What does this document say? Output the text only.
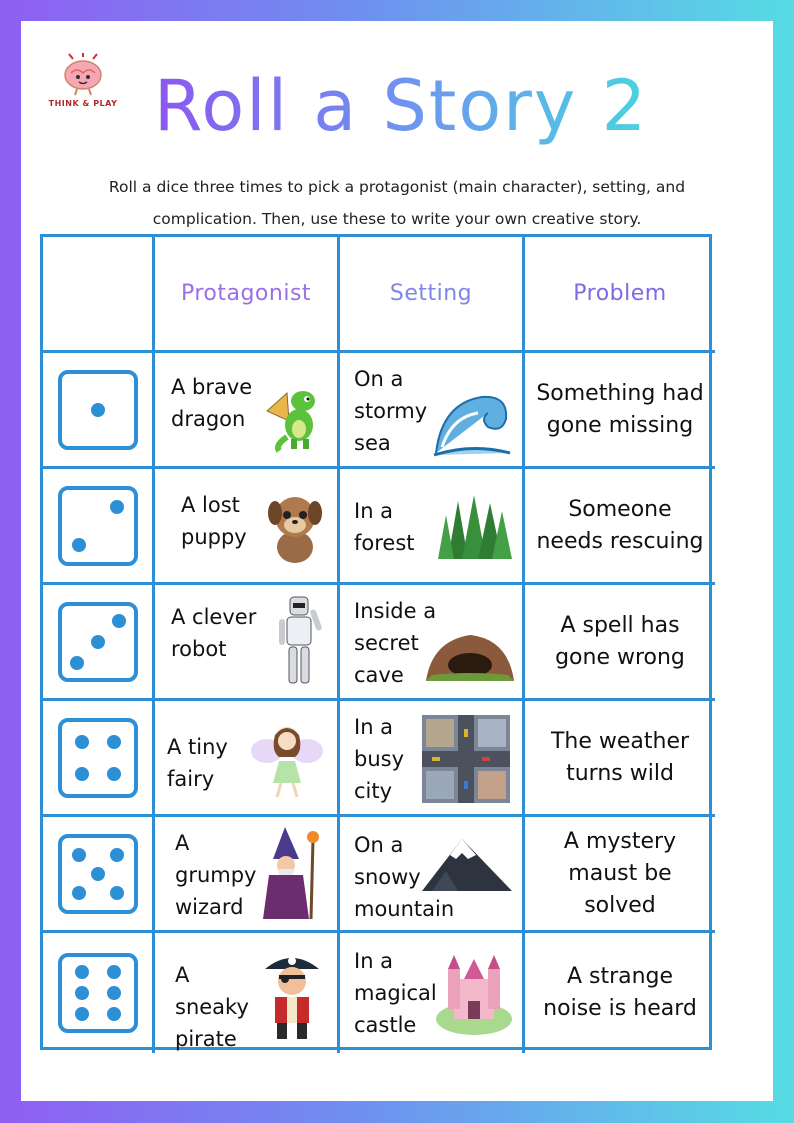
THINK & PLAY Roll a Story 2

Roll a dice three times to pick a protagonist (main character), setting, and complication. Then, use these to write your own creative story.

Protagonist	Setting	Problem
A brave dragon
On a stormy sea
Something had gone missing
A lost puppy
In a forest
Someone needs rescuing
A clever robot
Inside a secret cave
A spell has gone wrong
A tiny fairy
In a busy city
The weather turns wild
A grumpy wizard
On a snowy mountain
A mystery maust be solved
A sneaky pirate
In a magical castle
A strange noise is heard
